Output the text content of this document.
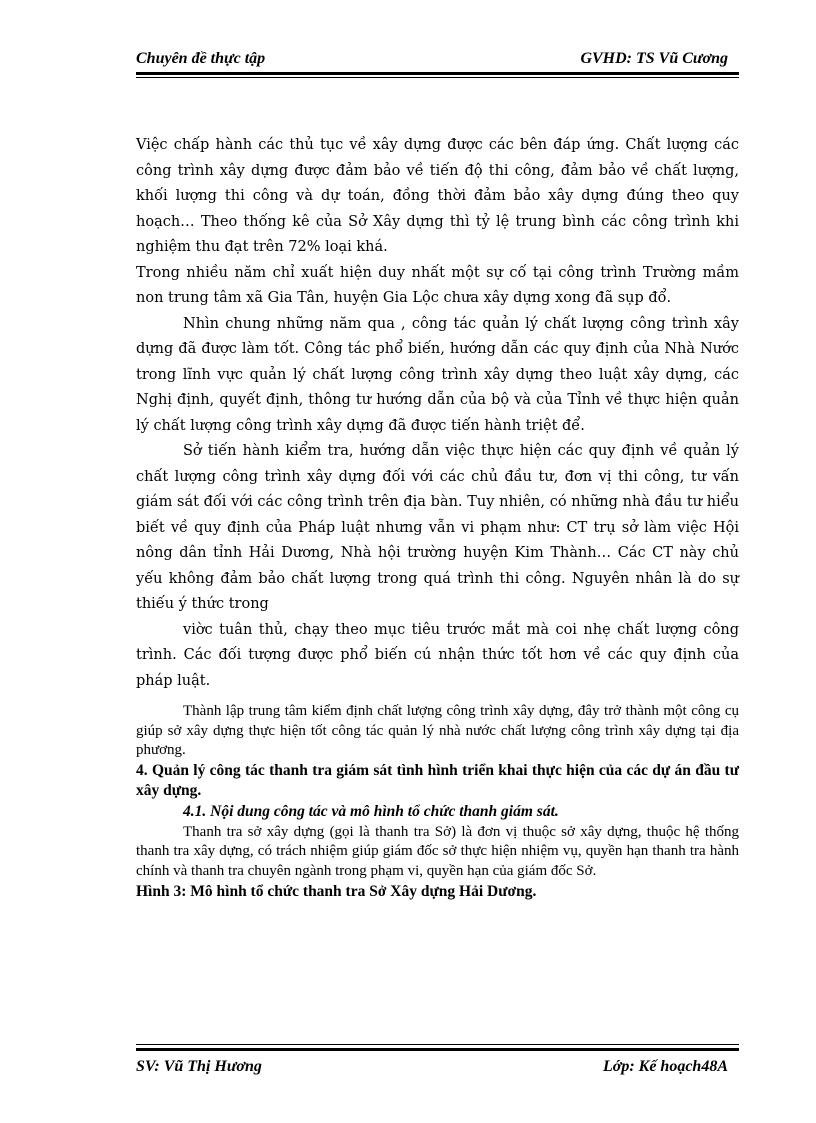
Chuyên đề thực tập	GVHD: TS Vũ Cương

Việc chấp hành các thủ tục về xây dựng được các bên đáp ứng. Chất lượng các công trình xây dựng được đảm bảo về tiến độ thi công, đảm bảo về chất lượng, khối lượng thi công và dự toán, đồng thời đảm bảo xây dựng đúng theo quy hoạch… Theo thống kê của Sở Xây dựng thì tỷ lệ trung bình các công trình khi nghiệm thu đạt trên 72% loại khá.

Trong nhiều năm chỉ xuất hiện duy nhất một sự cố tại công trình Trường mầm non trung tâm xã Gia Tân, huyện Gia Lộc chưa xây dựng xong đã sụp đổ.

Nhìn chung những năm qua , công tác quản lý chất lượng công trình xây dựng đã được làm tốt. Công tác phổ biến, hướng dẫn các quy định của Nhà Nước trong lĩnh vực quản lý chất lượng công trình xây dựng theo luật xây dựng, các Nghị định, quyết định, thông tư hướng dẫn của bộ và của Tỉnh về thực hiện quản lý chất lượng công trình xây dựng đã được tiến hành triệt để.

Sở tiến hành kiểm tra, hướng dẫn việc thực hiện các quy định về quản lý chất lượng công trình xây dựng đối với các chủ đầu tư, đơn vị thi công, tư vấn giám sát đối với các công trình trên địa bàn. Tuy nhiên, có những nhà đầu tư hiểu biết về quy định của Pháp luật nhưng vẫn vi phạm như: CT trụ sở làm việc Hội nông dân tỉnh Hải Dương, Nhà hội trường huyện Kim Thành… Các CT này chủ yếu không đảm bảo chất lượng trong quá trình thi công. Nguyên nhân là do sự thiếu ý thức trong

viờc tuân thủ, chạy theo mục tiêu trước mắt mà coi nhẹ chất lượng công trình. Các đối tượng được phổ biến cú nhận thức tốt hơn về các quy định của pháp luật.

Thành lập trung tâm kiểm định chất lượng công trình xây dựng, đây trở thành một công cụ giúp sở xây dựng thực hiện tốt công tác quản lý nhà nước chất lượng công trình xây dựng tại địa phương.

4. Quản lý công tác thanh tra giám sát tình hình triển khai thực hiện của các dự án đầu tư xây dựng.

4.1. Nội dung công tác và mô hình tổ chức thanh giám sát.

Thanh tra sở xây dựng (gọi là thanh tra Sở) là đơn vị thuộc sở xây dựng, thuộc hệ thống thanh tra xây dựng, có trách nhiệm giúp giám đốc sở thực hiện nhiệm vụ, quyền hạn thanh tra hành chính và thanh tra chuyên ngành trong phạm vi, quyền hạn của giám đốc Sở.

Hình 3: Mô hình tổ chức thanh tra Sở Xây dựng Hải Dương.

SV: Vũ Thị Hương	Lớp: Kế hoạch48A
